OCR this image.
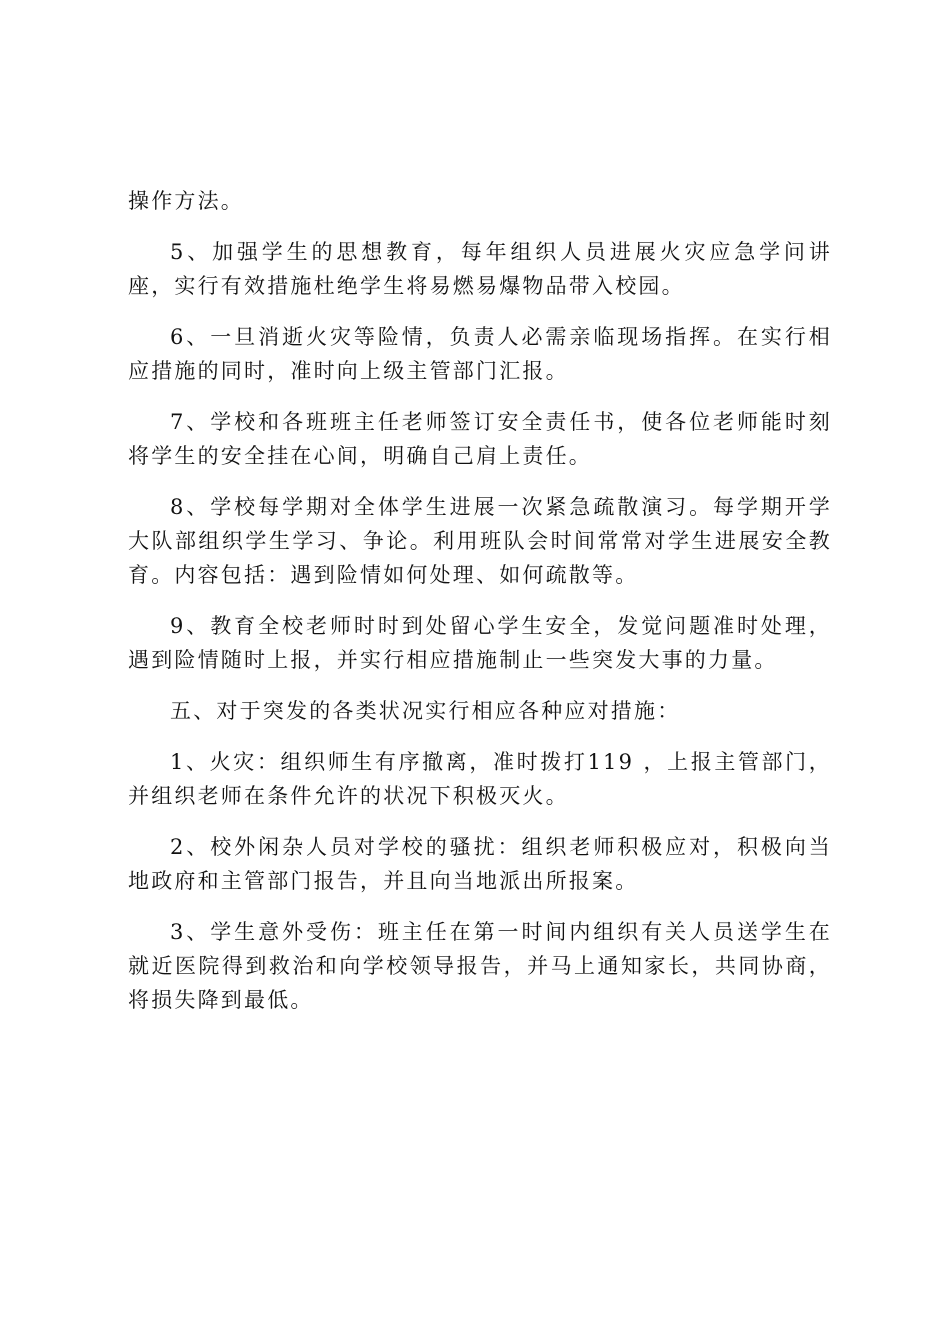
操作方法。

5、加强学生的思想教育，每年组织人员进展火灾应急学问讲座，实行有效措施杜绝学生将易燃易爆物品带入校园。

6、一旦消逝火灾等险情，负责人必需亲临现场指挥。在实行相应措施的同时，准时向上级主管部门汇报。

7、学校和各班班主任老师签订安全责任书，使各位老师能时刻将学生的安全挂在心间，明确自己肩上责任。

8、学校每学期对全体学生进展一次紧急疏散演习。每学期开学大队部组织学生学习、争论。利用班队会时间常常对学生进展安全教育。内容包括：遇到险情如何处理、如何疏散等。

9、教育全校老师时时到处留心学生安全，发觉问题准时处理，遇到险情随时上报，并实行相应措施制止一些突发大事的力量。

五、对于突发的各类状况实行相应各种应对措施：

1、火灾：组织师生有序撤离，准时拨打119 ，上报主管部门，并组织老师在条件允许的状况下积极灭火。

2、校外闲杂人员对学校的骚扰：组织老师积极应对，积极向当地政府和主管部门报告，并且向当地派出所报案。

3、学生意外受伤：班主任在第一时间内组织有关人员送学生在就近医院得到救治和向学校领导报告，并马上通知家长，共同协商，将损失降到最低。
